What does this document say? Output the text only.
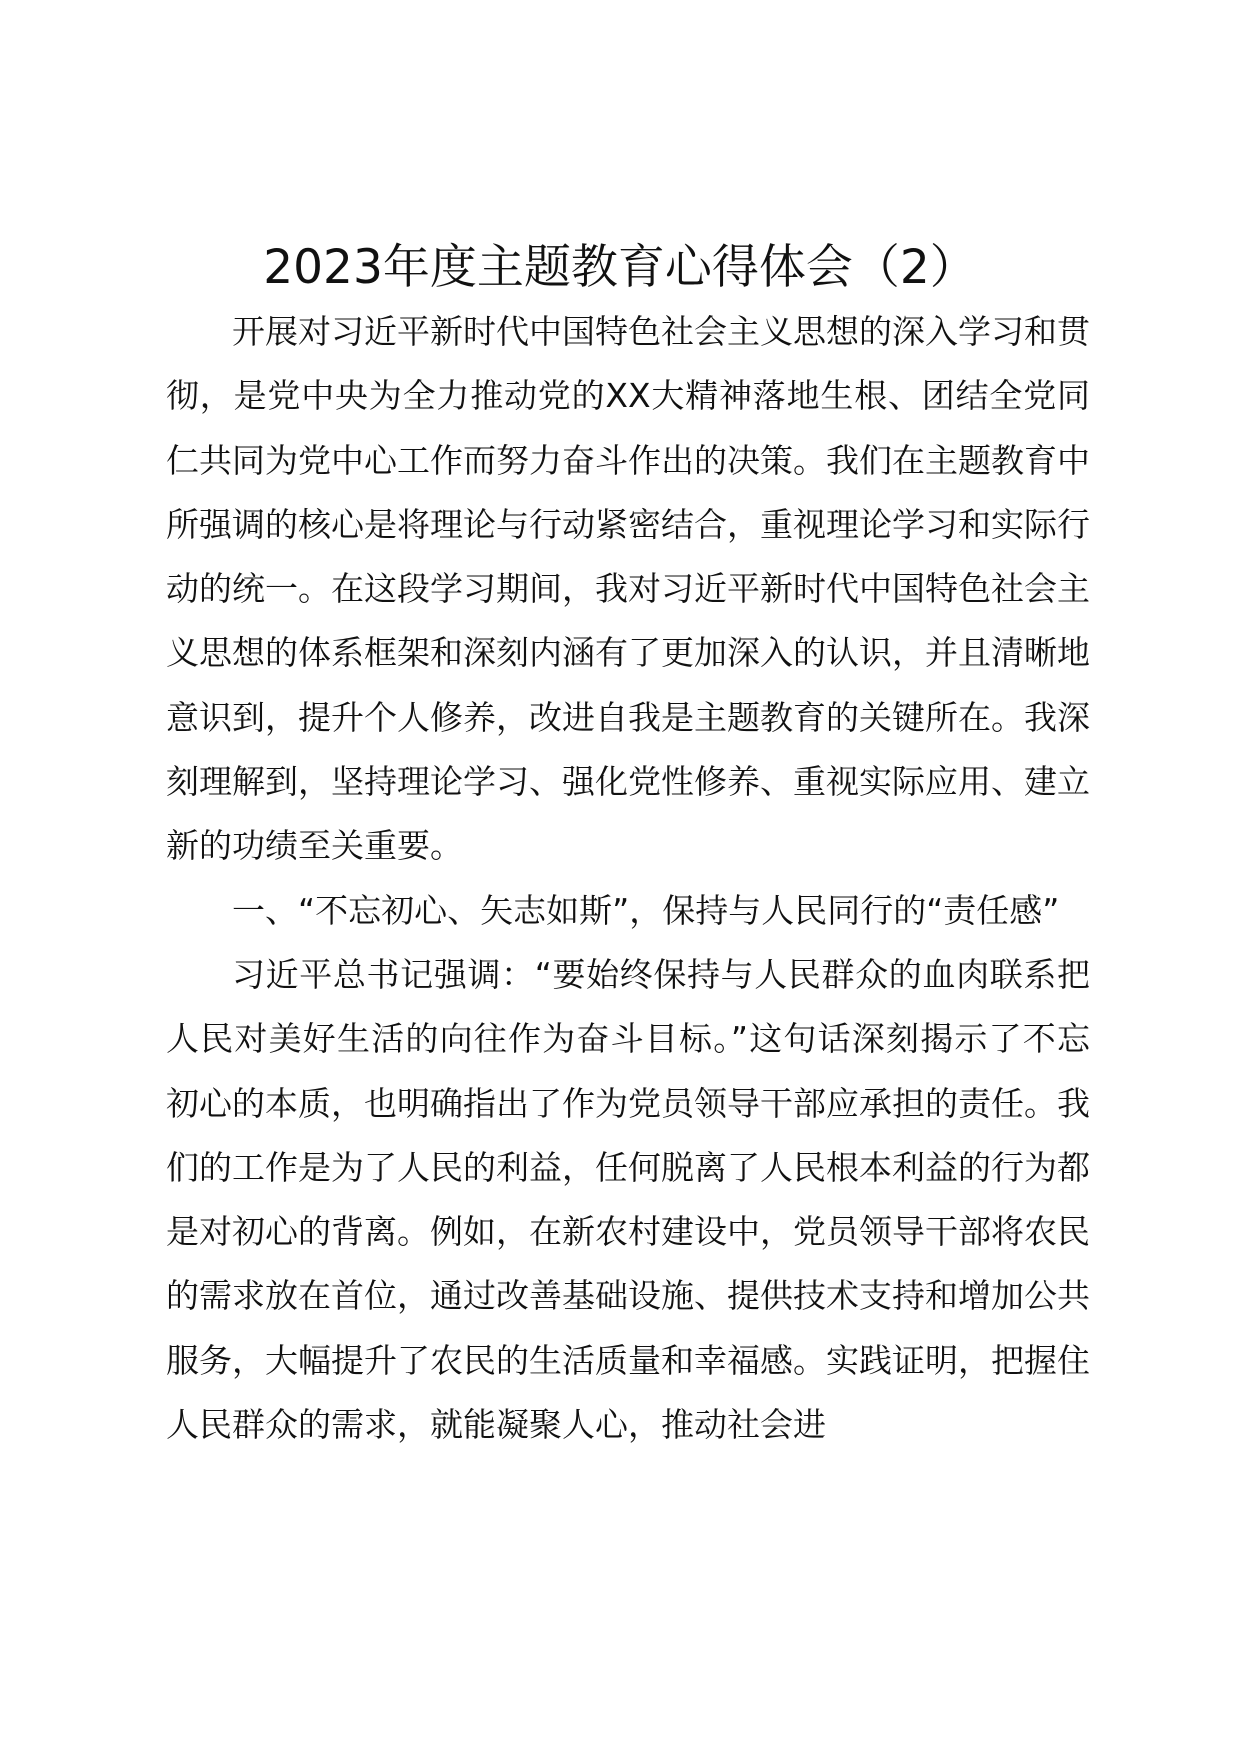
2023年度主题教育心得体会（2）

开展对习近平新时代中国特色社会主义思想的深入学习和贯彻，是党中央为全力推动党的XX大精神落地生根、团结全党同仁共同为党中心工作而努力奋斗作出的决策。我们在主题教育中所强调的核心是将理论与行动紧密结合，重视理论学习和实际行动的统一。在这段学习期间，我对习近平新时代中国特色社会主义思想的体系框架和深刻内涵有了更加深入的认识，并且清晰地意识到，提升个人修养，改进自我是主题教育的关键所在。我深刻理解到，坚持理论学习、强化党性修养、重视实际应用、建立新的功绩至关重要。

一、“不忘初心、矢志如斯”，保持与人民同行的“责任感”

习近平总书记强调：“要始终保持与人民群众的血肉联系把人民对美好生活的向往作为奋斗目标。”这句话深刻揭示了不忘初心的本质，也明确指出了作为党员领导干部应承担的责任。我们的工作是为了人民的利益，任何脱离了人民根本利益的行为都是对初心的背离。例如，在新农村建设中，党员领导干部将农民的需求放在首位，通过改善基础设施、提供技术支持和增加公共服务，大幅提升了农民的生活质量和幸福感。实践证明，把握住人民群众的需求，就能凝聚人心，推动社会进
